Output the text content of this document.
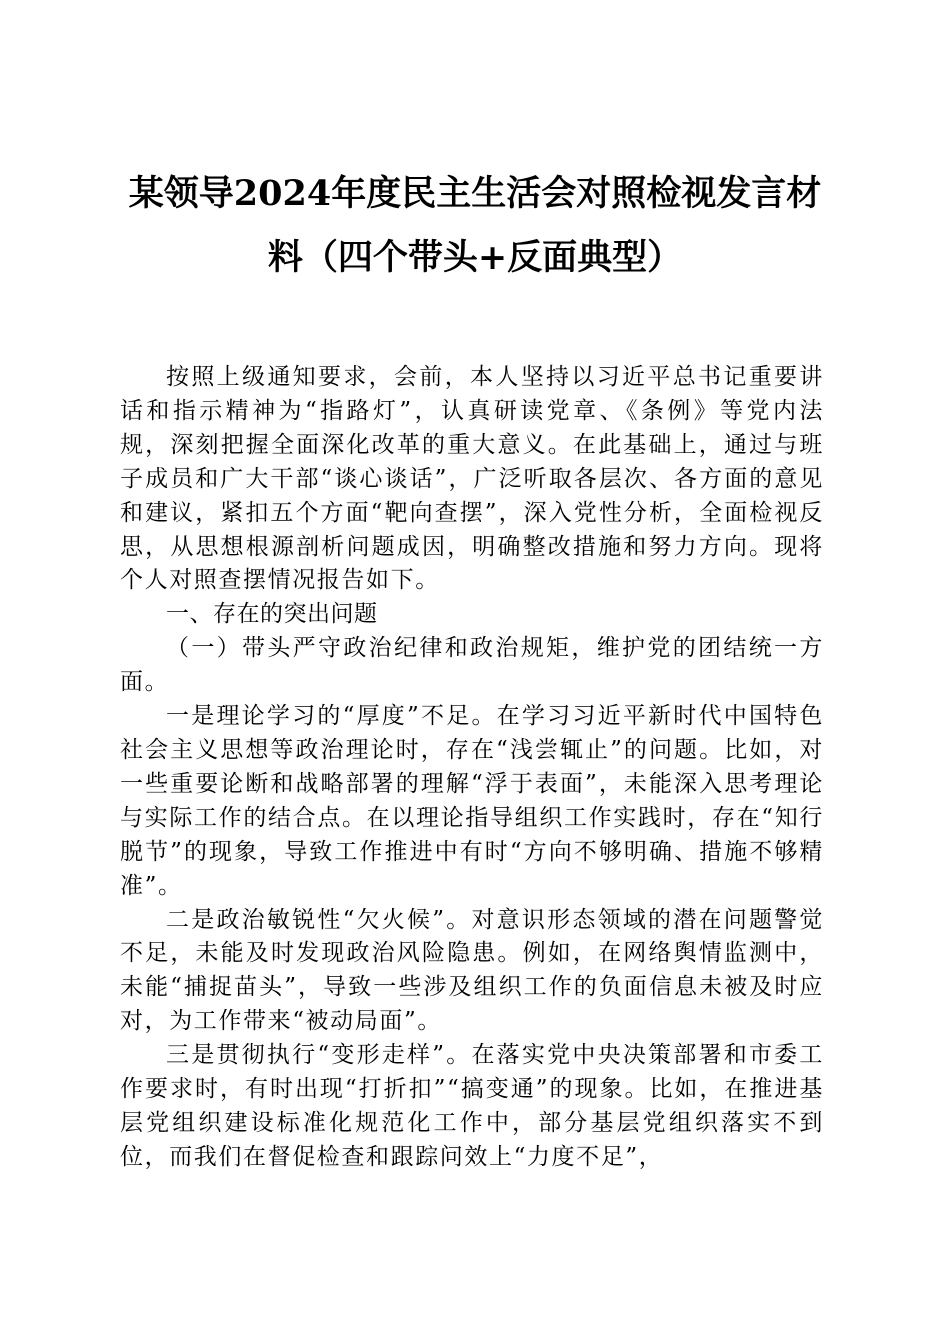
某领导2024年度民主生活会对照检视发言材
料（四个带头+反面典型）

按照上级通知要求，会前，本人坚持以习近平总书记重要讲话和指示精神为“指路灯”，认真研读党章、《条例》等党内法规，深刻把握全面深化改革的重大意义。在此基础上，通过与班子成员和广大干部“谈心谈话”，广泛听取各层次、各方面的意见和建议，紧扣五个方面“靶向查摆”，深入党性分析，全面检视反思，从思想根源剖析问题成因，明确整改措施和努力方向。现将个人对照查摆情况报告如下。

一、存在的突出问题

（一）带头严守政治纪律和政治规矩，维护党的团结统一方面。

一是理论学习的“厚度”不足。在学习习近平新时代中国特色社会主义思想等政治理论时，存在“浅尝辄止”的问题。比如，对一些重要论断和战略部署的理解“浮于表面”，未能深入思考理论与实际工作的结合点。在以理论指导组织工作实践时，存在“知行脱节”的现象，导致工作推进中有时“方向不够明确、措施不够精准”。

二是政治敏锐性“欠火候”。对意识形态领域的潜在问题警觉不足，未能及时发现政治风险隐患。例如，在网络舆情监测中，未能“捕捉苗头”，导致一些涉及组织工作的负面信息未被及时应对，为工作带来“被动局面”。

三是贯彻执行“变形走样”。在落实党中央决策部署和市委工作要求时，有时出现“打折扣”“搞变通”的现象。比如，在推进基层党组织建设标准化规范化工作中，部分基层党组织落实不到位，而我们在督促检查和跟踪问效上“力度不足”，
